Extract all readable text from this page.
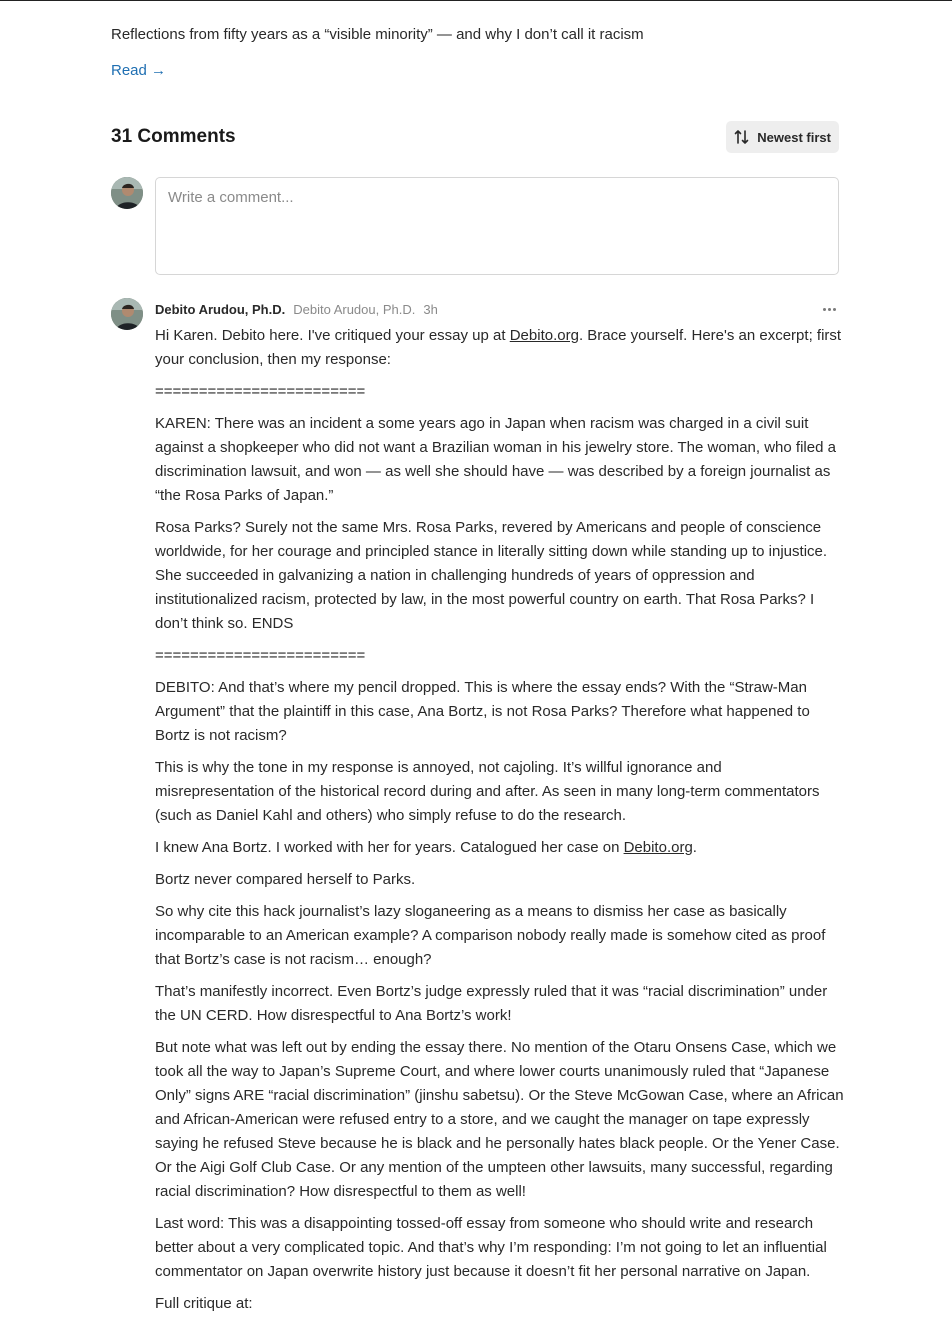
Reflections from fifty years as a “visible minority” — and why I don’t call it racism
Read →
31 Comments	Newest first
Write a comment...
Debito Arudou, Ph.D. Debito Arudou, Ph.D. 3h

Hi Karen. Debito here. I've critiqued your essay up at Debito.org. Brace yourself. Here's an excerpt; first your conclusion, then my response:

========================

KAREN: There was an incident a some years ago in Japan when racism was charged in a civil suit against a shopkeeper who did not want a Brazilian woman in his jewelry store. The woman, who filed a discrimination lawsuit, and won — as well she should have — was described by a foreign journalist as “the Rosa Parks of Japan.”

Rosa Parks? Surely not the same Mrs. Rosa Parks, revered by Americans and people of conscience worldwide, for her courage and principled stance in literally sitting down while standing up to injustice. She succeeded in galvanizing a nation in challenging hundreds of years of oppression and institutionalized racism, protected by law, in the most powerful country on earth. That Rosa Parks? I don’t think so. ENDS

========================

DEBITO: And that’s where my pencil dropped. This is where the essay ends? With the “Straw-Man Argument” that the plaintiff in this case, Ana Bortz, is not Rosa Parks? Therefore what happened to Bortz is not racism?

This is why the tone in my response is annoyed, not cajoling. It’s willful ignorance and misrepresentation of the historical record during and after. As seen in many long-term commentators (such as Daniel Kahl and others) who simply refuse to do the research.

I knew Ana Bortz. I worked with her for years. Catalogued her case on Debito.org.

Bortz never compared herself to Parks.

So why cite this hack journalist’s lazy sloganeering as a means to dismiss her case as basically incomparable to an American example? A comparison nobody really made is somehow cited as proof that Bortz’s case is not racism… enough?

That’s manifestly incorrect. Even Bortz’s judge expressly ruled that it was “racial discrimination” under the UN CERD. How disrespectful to Ana Bortz’s work!

But note what was left out by ending the essay there. No mention of the Otaru Onsens Case, which we took all the way to Japan’s Supreme Court, and where lower courts unanimously ruled that “Japanese Only” signs ARE “racial discrimination” (jinshu sabetsu). Or the Steve McGowan Case, where an African and African-American were refused entry to a store, and we caught the manager on tape expressly saying he refused Steve because he is black and he personally hates black people. Or the Yener Case. Or the Aigi Golf Club Case. Or any mention of the umpteen other lawsuits, many successful, regarding racial discrimination? How disrespectful to them as well!

Last word: This was a disappointing tossed-off essay from someone who should write and research better about a very complicated topic. And that’s why I’m responding: I’m not going to let an influential commentator on Japan overwrite history just because it doesn’t fit her personal narrative on Japan.

Full critique at:
